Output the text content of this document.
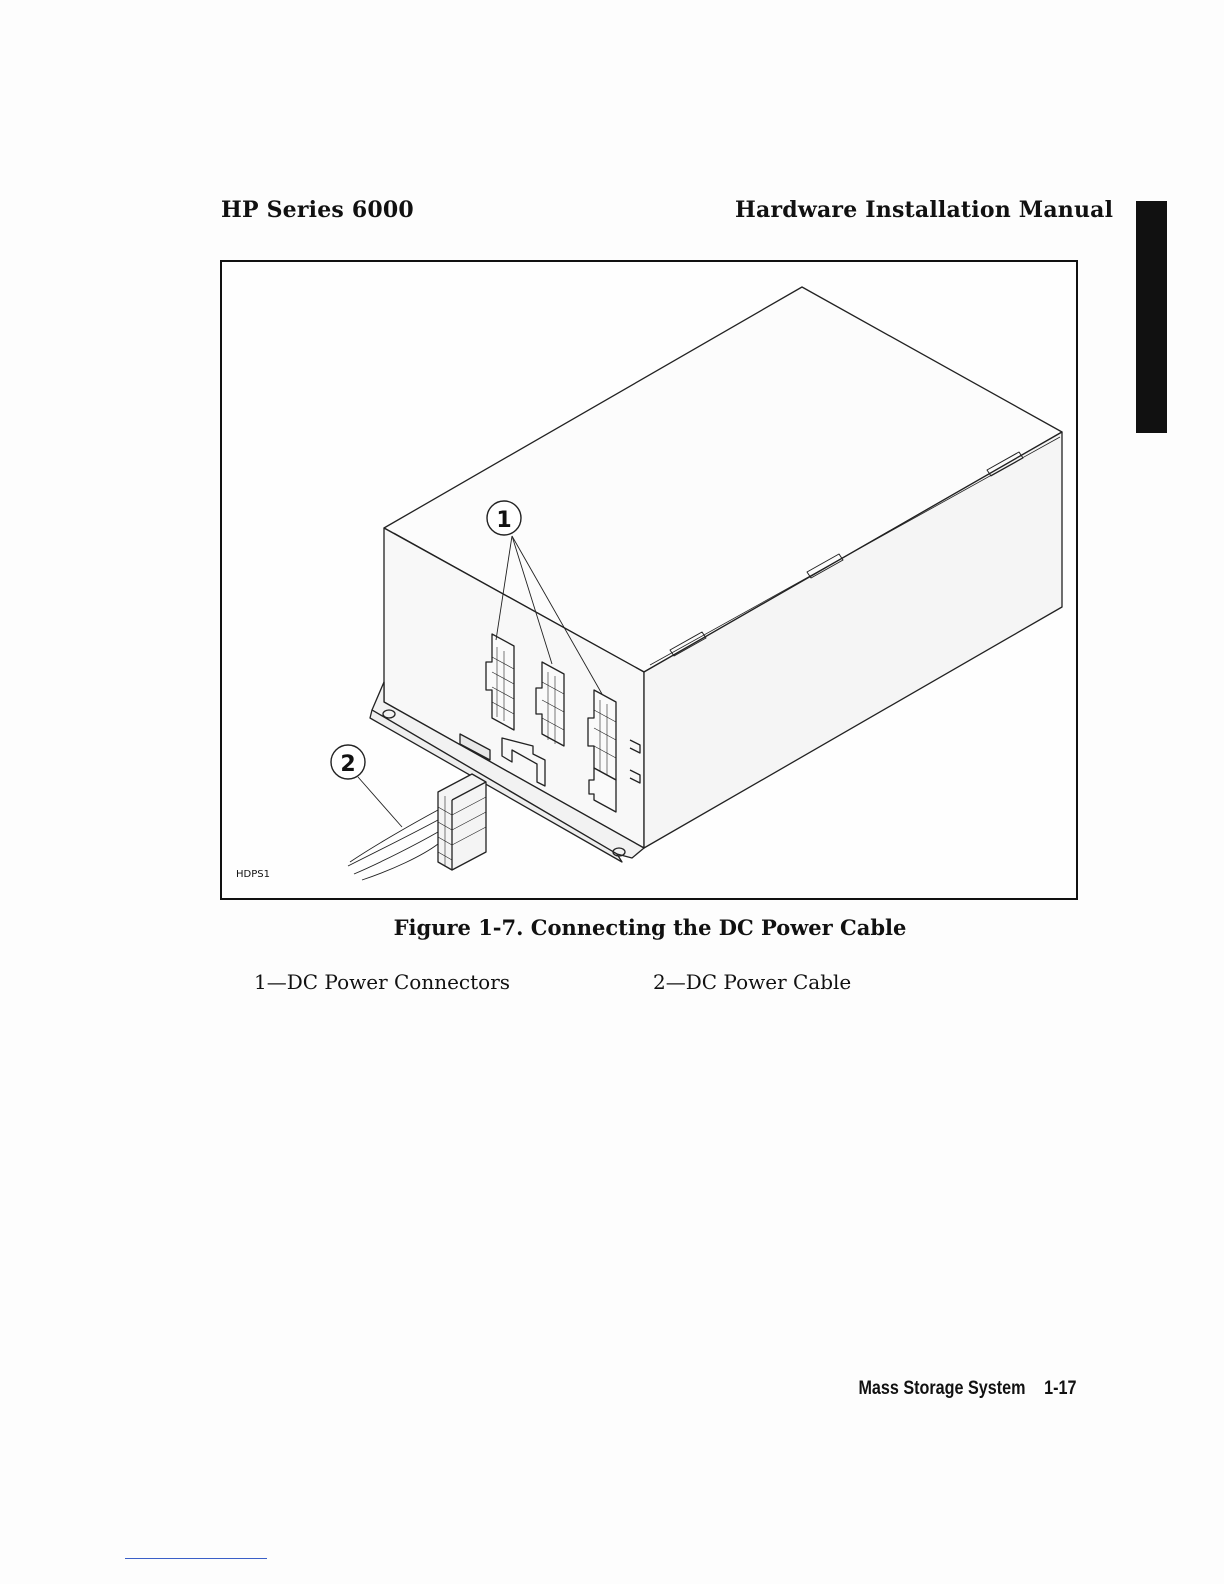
HP Series 6000	Hardware Installation Manual
1
2
HDPS1
Figure 1-7. Connecting the DC Power Cable
1—DC Power Connectors	2—DC Power Cable
Mass Storage System 1-17
